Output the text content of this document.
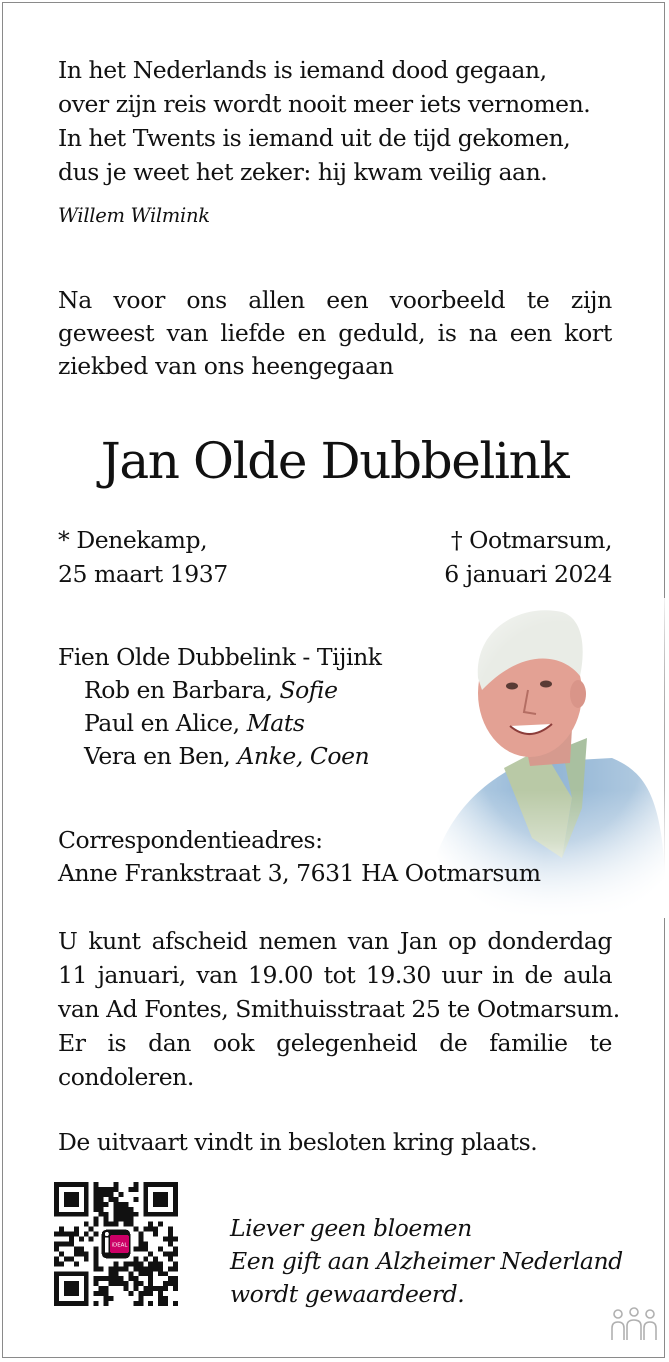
In het Nederlands is iemand dood gegaan,
over zijn reis wordt nooit meer iets vernomen.
In het Twents is iemand uit de tijd gekomen,
dus je weet het zeker: hij kwam veilig aan.
Willem Wilmink
Na voor ons allen een voorbeeld te zijn
geweest van liefde en geduld, is na een kort
ziekbed van ons heengegaan
Jan Olde Dubbelink
* Denekamp,
25 maart 1937
† Ootmarsum,
6 januari 2024
Fien Olde Dubbelink - Tijink
Rob en Barbara, Sofie
Paul en Alice, Mats
Vera en Ben, Anke, Coen
Correspondentieadres:
Anne Frankstraat 3, 7631 HA Ootmarsum
U kunt afscheid nemen van Jan op donderdag
11 januari, van 19.00 tot 19.30 uur in de aula
van Ad Fontes, Smithuisstraat 25 te Ootmarsum.
Er is dan ook gelegenheid de familie te
condoleren.
De uitvaart vindt in besloten kring plaats.
iDEAL
Liever geen bloemen
Een gift aan Alzheimer Nederland
wordt gewaardeerd.
